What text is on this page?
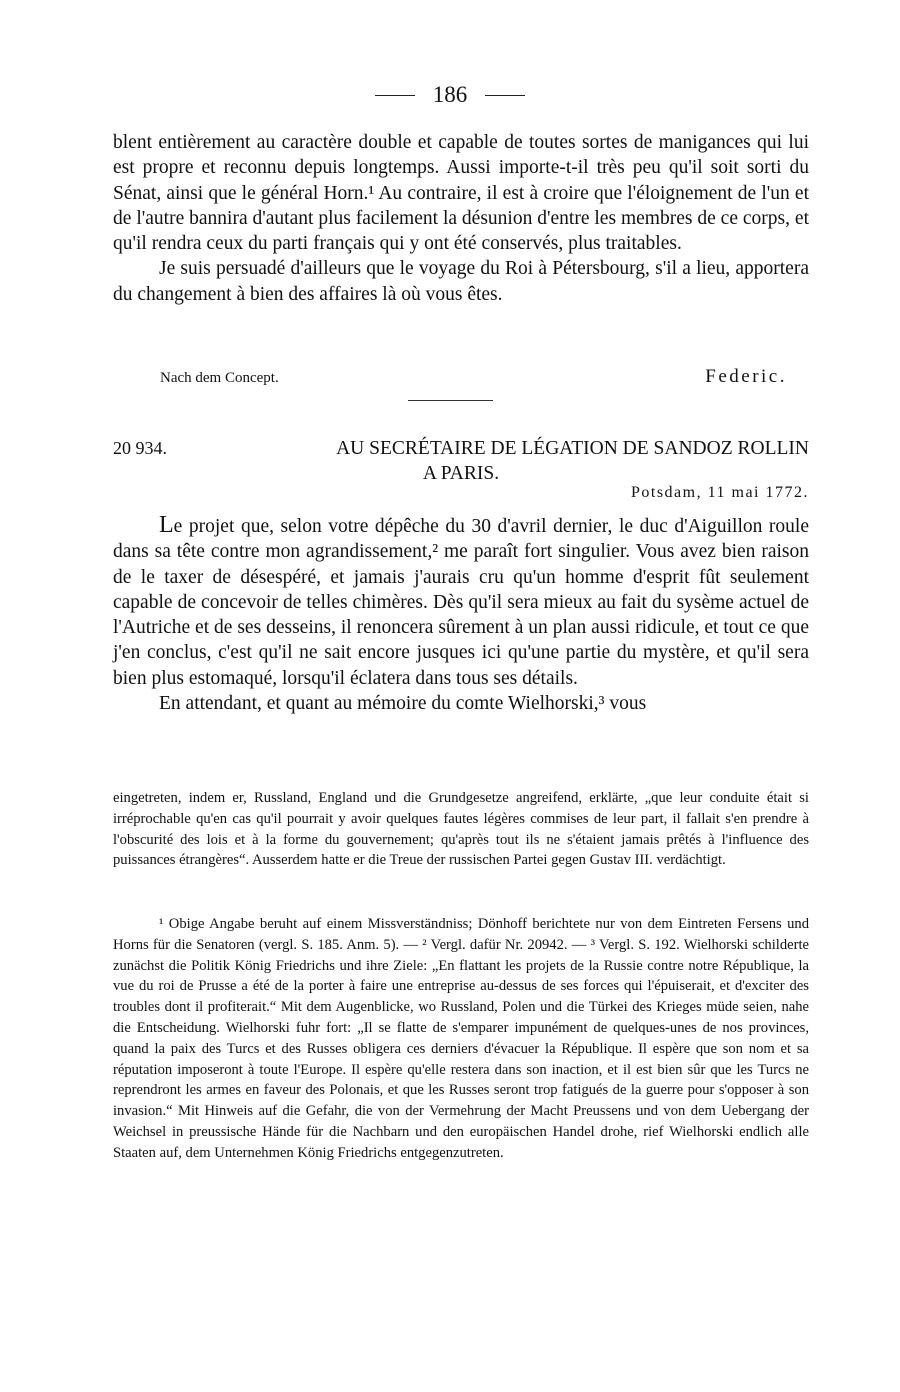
186

blent entièrement au caractère double et capable de toutes sortes de manigances qui lui est propre et reconnu depuis longtemps. Aussi importe-t-il très peu qu'il soit sorti du Sénat, ainsi que le général Horn.¹ Au contraire, il est à croire que l'éloignement de l'un et de l'autre bannira d'autant plus facilement la désunion d'entre les membres de ce corps, et qu'il rendra ceux du parti français qui y ont été conservés, plus traitables.

Je suis persuadé d'ailleurs que le voyage du Roi à Pétersbourg, s'il a lieu, apportera du changement à bien des affaires là où vous êtes.

Nach dem Concept.	Federic.
20 934.	AU SECRÉTAIRE DE LÉGATION DE SANDOZ ROLLIN
A PARIS.
Potsdam, 11 mai 1772.

Le projet que, selon votre dépêche du 30 d'avril dernier, le duc d'Aiguillon roule dans sa tête contre mon agrandissement,² me paraît fort singulier. Vous avez bien raison de le taxer de désespéré, et jamais j'aurais cru qu'un homme d'esprit fût seulement capable de concevoir de telles chimères. Dès qu'il sera mieux au fait du sysème actuel de l'Autriche et de ses desseins, il renoncera sûrement à un plan aussi ridicule, et tout ce que j'en conclus, c'est qu'il ne sait encore jusques ici qu'une partie du mystère, et qu'il sera bien plus estomaqué, lorsqu'il éclatera dans tous ses détails.

En attendant, et quant au mémoire du comte Wielhorski,³ vous

eingetreten, indem er, Russland, England und die Grundgesetze angreifend, erklärte, „que leur conduite était si irréprochable qu'en cas qu'il pourrait y avoir quelques fautes légères commises de leur part, il fallait s'en prendre à l'obscurité des lois et à la forme du gouvernement; qu'après tout ils ne s'étaient jamais prêtés à l'influence des puissances étrangères“. Ausserdem hatte er die Treue der russischen Partei gegen Gustav III. verdächtigt.

¹ Obige Angabe beruht auf einem Missverständniss; Dönhoff berichtete nur von dem Eintreten Fersens und Horns für die Senatoren (vergl. S. 185. Anm. 5). — ² Vergl. dafür Nr. 20942. — ³ Vergl. S. 192. Wielhorski schilderte zunächst die Politik König Friedrichs und ihre Ziele: „En flattant les projets de la Russie contre notre République, la vue du roi de Prusse a été de la porter à faire une entreprise au-dessus de ses forces qui l'épuiserait, et d'exciter des troubles dont il profiterait.“ Mit dem Augenblicke, wo Russland, Polen und die Türkei des Krieges müde seien, nahe die Entscheidung. Wielhorski fuhr fort: „Il se flatte de s'emparer impunément de quelques-unes de nos provinces, quand la paix des Turcs et des Russes obligera ces derniers d'évacuer la République. Il espère que son nom et sa réputation imposeront à toute l'Europe. Il espère qu'elle restera dans son inaction, et il est bien sûr que les Turcs ne reprendront les armes en faveur des Polonais, et que les Russes seront trop fatigués de la guerre pour s'opposer à son invasion.“ Mit Hinweis auf die Gefahr, die von der Vermehrung der Macht Preussens und von dem Uebergang der Weichsel in preussische Hände für die Nachbarn und den europäischen Handel drohe, rief Wielhorski endlich alle Staaten auf, dem Unternehmen König Friedrichs entgegenzutreten.
